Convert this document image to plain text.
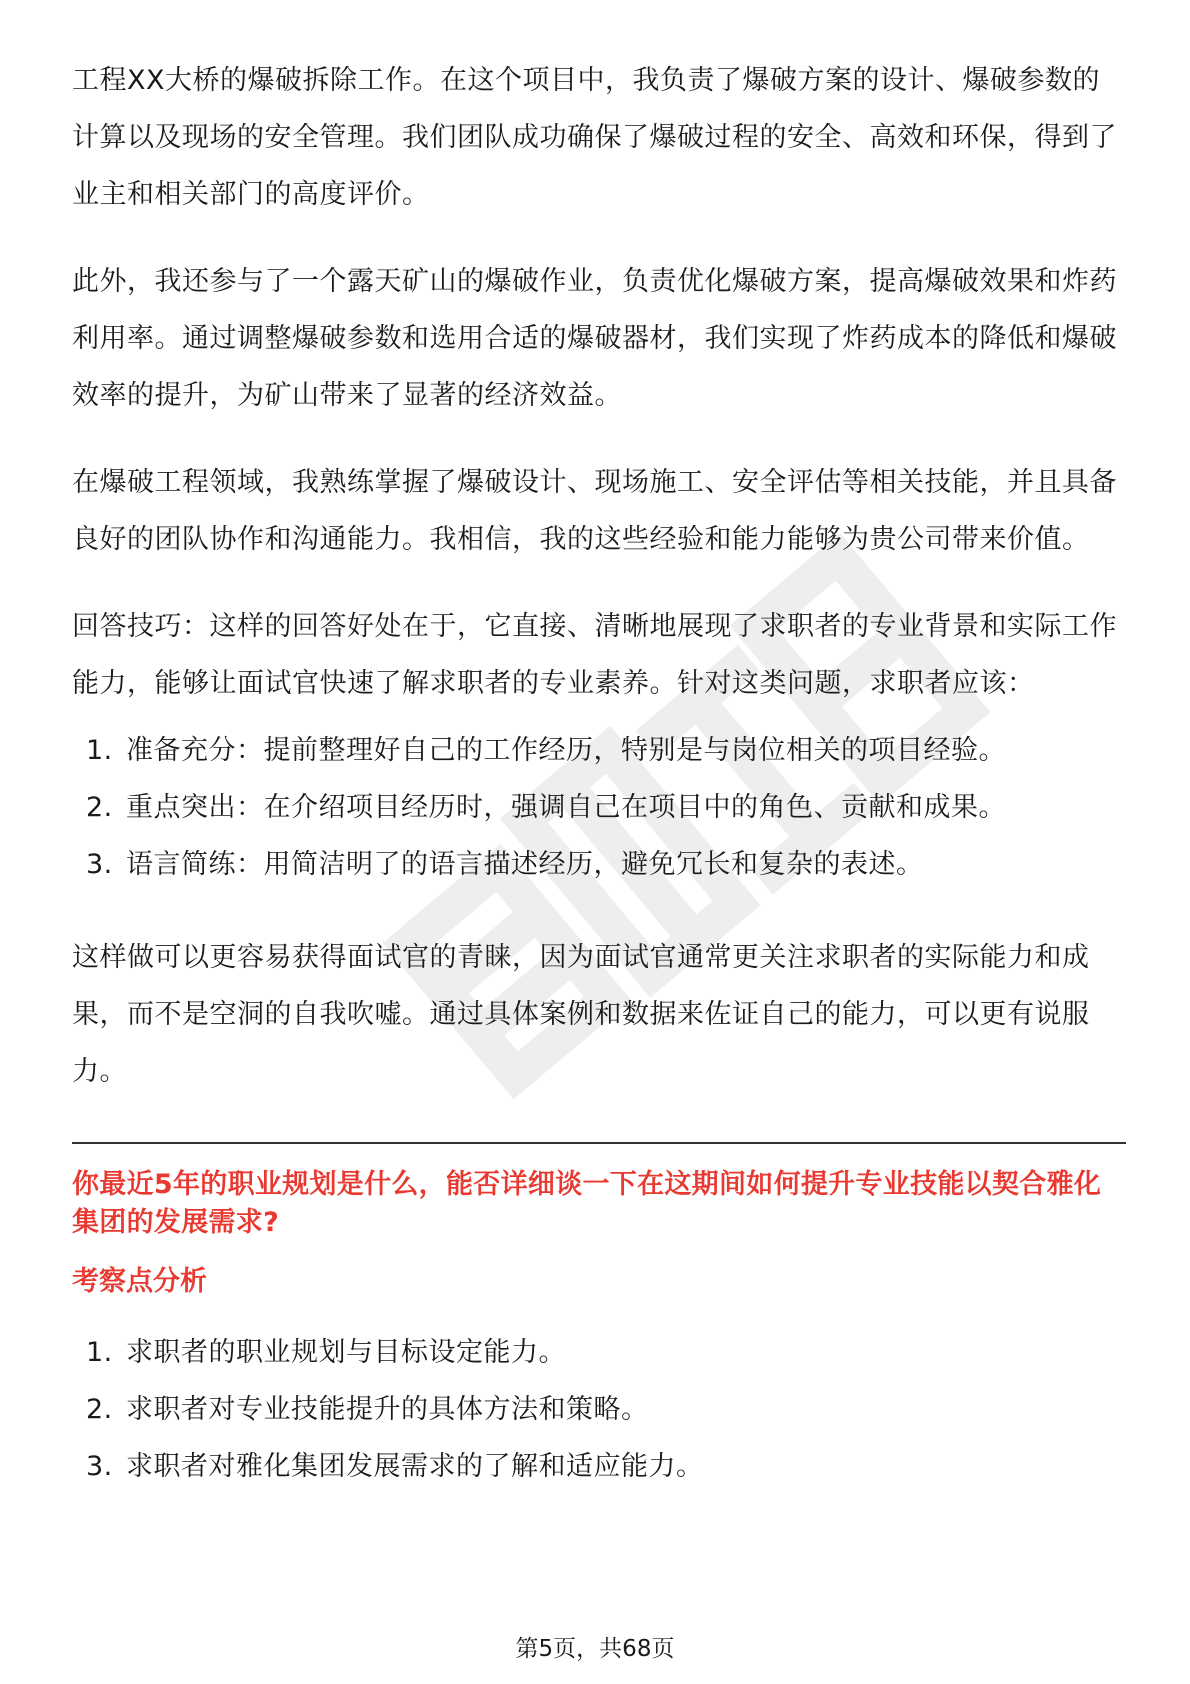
工程XX大桥的爆破拆除工作。在这个项目中，我负责了爆破方案的设计、爆破参数的计算以及现场的安全管理。我们团队成功确保了爆破过程的安全、高效和环保，得到了业主和相关部门的高度评价。

此外，我还参与了一个露天矿山的爆破作业，负责优化爆破方案，提高爆破效果和炸药利用率。通过调整爆破参数和选用合适的爆破器材，我们实现了炸药成本的降低和爆破效率的提升，为矿山带来了显著的经济效益。

在爆破工程领域，我熟练掌握了爆破设计、现场施工、安全评估等相关技能，并且具备良好的团队协作和沟通能力。我相信，我的这些经验和能力能够为贵公司带来价值。

回答技巧：这样的回答好处在于，它直接、清晰地展现了求职者的专业背景和实际工作能力，能够让面试官快速了解求职者的专业素养。针对这类问题，求职者应该：

1. 准备充分：提前整理好自己的工作经历，特别是与岗位相关的项目经验。
2. 重点突出：在介绍项目经历时，强调自己在项目中的角色、贡献和成果。
3. 语言简练：用简洁明了的语言描述经历，避免冗长和复杂的表述。

这样做可以更容易获得面试官的青睐，因为面试官通常更关注求职者的实际能力和成果，而不是空洞的自我吹嘘。通过具体案例和数据来佐证自己的能力，可以更有说服力。

你最近5年的职业规划是什么，能否详细谈一下在这期间如何提升专业技能以契合雅化集团的发展需求?
考察点分析
1. 求职者的职业规划与目标设定能力。
2. 求职者对专业技能提升的具体方法和策略。
3. 求职者对雅化集团发展需求的了解和适应能力。
第5页，共68页
